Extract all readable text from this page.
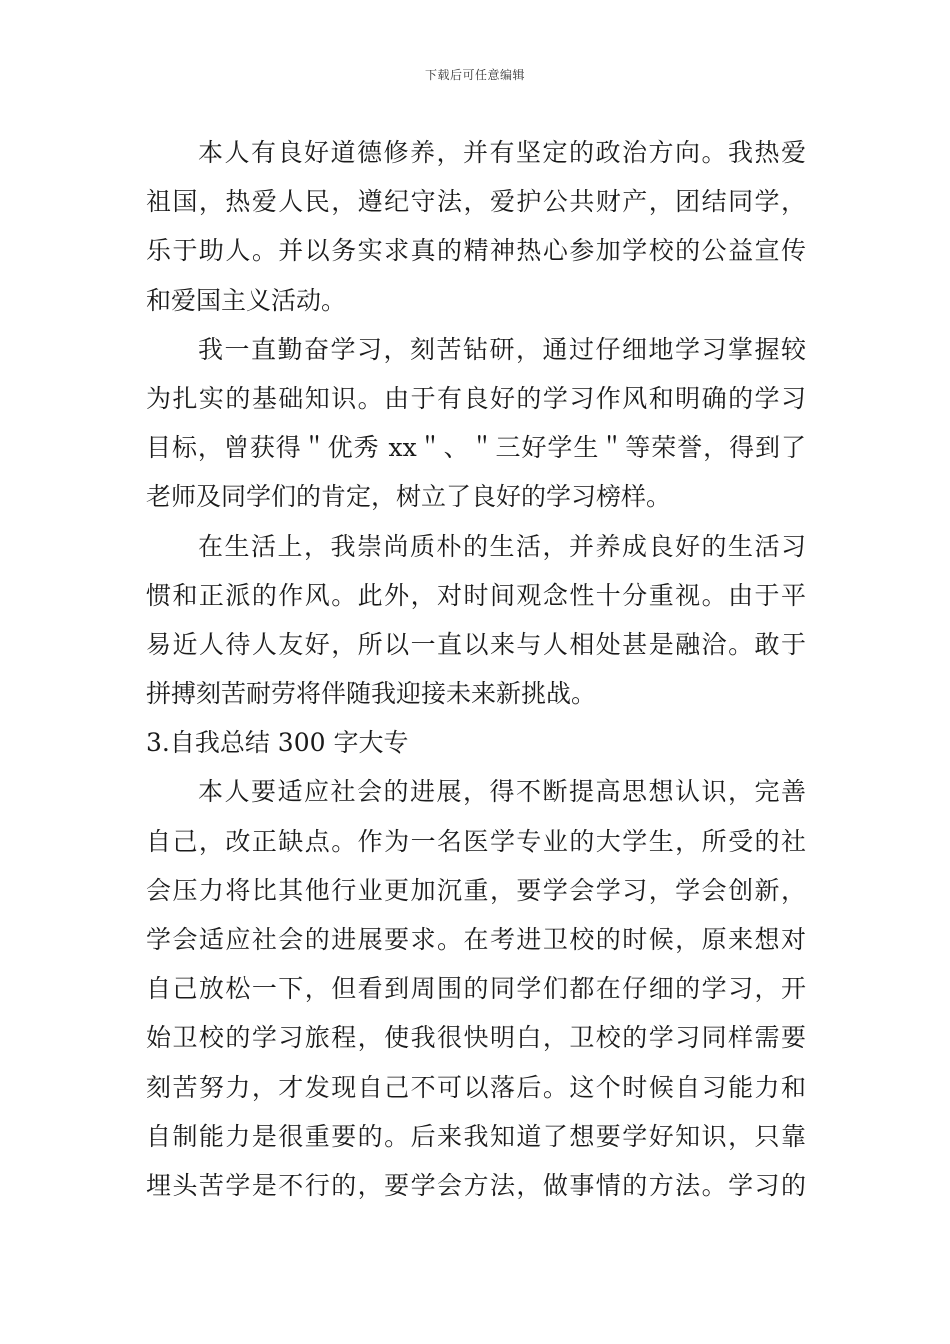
下载后可任意编辑
本人有良好道德修养，并有坚定的政治方向。我热爱
祖国，热爱人民，遵纪守法，爱护公共财产，团结同学，
乐于助人。并以务实求真的精神热心参加学校的公益宣传
和爱国主义活动。
我一直勤奋学习，刻苦钻研，通过仔细地学习掌握较
为扎实的基础知识。由于有良好的学习作风和明确的学习
目标，曾获得＂优秀 xx＂、＂三好学生＂等荣誉，得到了
老师及同学们的肯定，树立了良好的学习榜样。
在生活上，我崇尚质朴的生活，并养成良好的生活习
惯和正派的作风。此外，对时间观念性十分重视。由于平
易近人待人友好，所以一直以来与人相处甚是融洽。敢于
拼搏刻苦耐劳将伴随我迎接未来新挑战。
3.自我总结 300 字大专
本人要适应社会的进展，得不断提高思想认识，完善
自己，改正缺点。作为一名医学专业的大学生，所受的社
会压力将比其他行业更加沉重，要学会学习，学会创新，
学会适应社会的进展要求。在考进卫校的时候，原来想对
自己放松一下，但看到周围的同学们都在仔细的学习，开
始卫校的学习旅程，使我很快明白，卫校的学习同样需要
刻苦努力，才发现自己不可以落后。这个时候自习能力和
自制能力是很重要的。后来我知道了想要学好知识，只靠
埋头苦学是不行的，要学会方法，做事情的方法。学习的
